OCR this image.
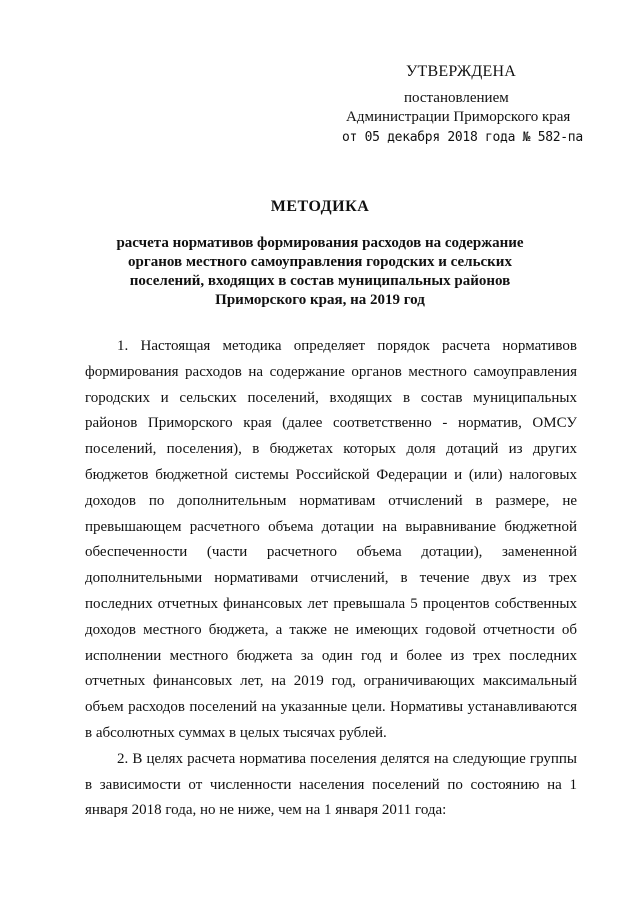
УТВЕРЖДЕНА
постановлением
Администрации Приморского края
от 05 декабря 2018 года № 582-па
МЕТОДИКА
расчета нормативов формирования расходов на содержание органов местного самоуправления городских и сельских поселений, входящих в состав муниципальных районов Приморского края, на 2019 год

1. Настоящая методика определяет порядок расчета нормативов формирования расходов на содержание органов местного самоуправления городских и сельских поселений, входящих в состав муниципальных районов Приморского края (далее соответственно - норматив, ОМСУ поселений, поселения), в бюджетах которых доля дотаций из других бюджетов бюджетной системы Российской Федерации и (или) налоговых доходов по дополнительным нормативам отчислений в размере, не превышающем расчетного объема дотации на выравнивание бюджетной обеспеченности (части расчетного объема дотации), замененной дополнительными нормативами отчислений, в течение двух из трех последних отчетных финансовых лет превышала 5 процентов собственных доходов местного бюджета, а также не имеющих годовой отчетности об исполнении местного бюджета за один год и более из трех последних отчетных финансовых лет, на 2019 год, ограничивающих максимальный объем расходов поселений на указанные цели. Нормативы устанавливаются в абсолютных суммах в целых тысячах рублей.

2. В целях расчета норматива поселения делятся на следующие группы в зависимости от численности населения поселений по состоянию на 1 января 2018 года, но не ниже, чем на 1 января 2011 года:
